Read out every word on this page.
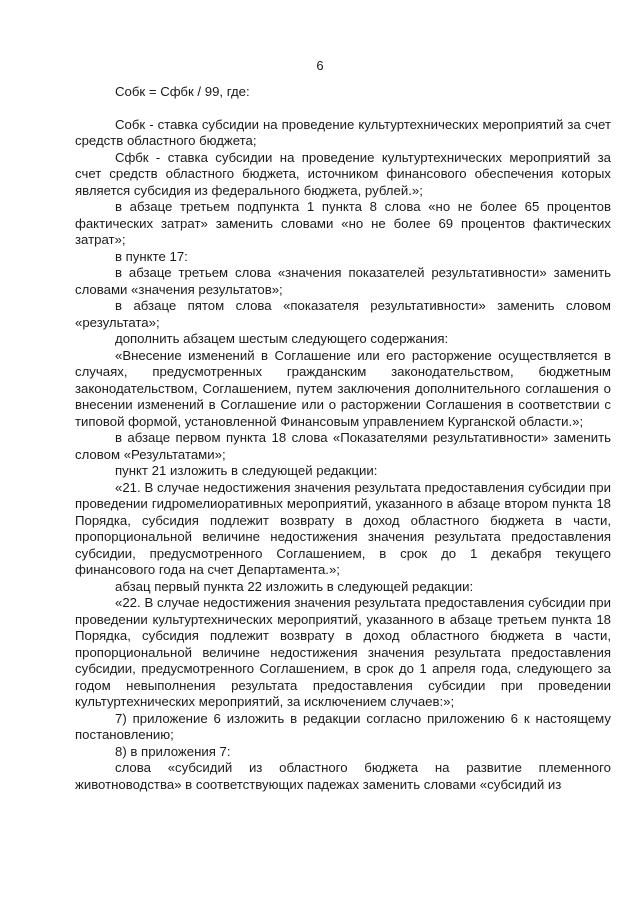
6

Собк = Сфбк / 99, где:

Собк - ставка субсидии на проведение культуртехнических мероприятий за счет средств областного бюджета;

Сфбк - ставка субсидии на проведение культуртехнических мероприятий за счет средств областного бюджета, источником финансового обеспечения которых является субсидия из федерального бюджета, рублей.»;

в абзаце третьем подпункта 1 пункта 8 слова «но не более 65 процентов фактических затрат» заменить словами «но не более 69 процентов фактических затрат»;

в пункте 17:

в абзаце третьем слова «значения показателей результативности» заменить словами «значения результатов»;

в абзаце пятом слова «показателя результативности» заменить словом «результата»;

дополнить абзацем шестым следующего содержания:

«Внесение изменений в Соглашение или его расторжение осуществляется в случаях, предусмотренных гражданским законодательством, бюджетным законодательством, Соглашением, путем заключения дополнительного соглашения о внесении изменений в Соглашение или о расторжении Соглашения в соответствии с типовой формой, установленной Финансовым управлением Курганской области.»;

в абзаце первом пункта 18 слова «Показателями результативности» заменить словом «Результатами»;

пункт 21 изложить в следующей редакции:

«21. В случае недостижения значения результата предоставления субсидии при проведении гидромелиоративных мероприятий, указанного в абзаце втором пункта 18 Порядка, субсидия подлежит возврату в доход областного бюджета в части, пропорциональной величине недостижения значения результата предоставления субсидии, предусмотренного Соглашением, в срок до 1 декабря текущего финансового года на счет Департамента.»;

абзац первый пункта 22 изложить в следующей редакции:

«22. В случае недостижения значения результата предоставления субсидии при проведении культуртехнических мероприятий, указанного в абзаце третьем пункта 18 Порядка, субсидия подлежит возврату в доход областного бюджета в части, пропорциональной величине недостижения значения результата предоставления субсидии, предусмотренного Соглашением, в срок до 1 апреля года, следующего за годом невыполнения результата предоставления субсидии при проведении культуртехнических мероприятий, за исключением случаев:»;

7) приложение 6 изложить в редакции согласно приложению 6 к настоящему постановлению;

8) в приложения 7:

слова «субсидий из областного бюджета на развитие племенного животноводства» в соответствующих падежах заменить словами «субсидий из
